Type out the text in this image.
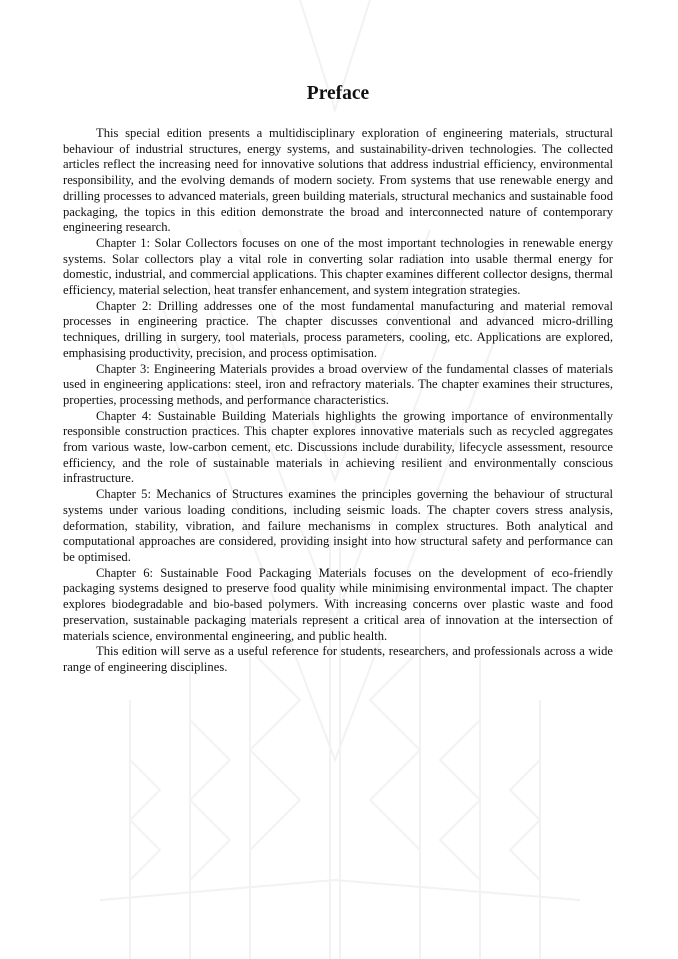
Preface

This special edition presents a multidisciplinary exploration of engineering materials, structural behaviour of industrial structures, energy systems, and sustainability-driven technologies. The collected articles reflect the increasing need for innovative solutions that address industrial efficiency, environmental responsibility, and the evolving demands of modern society. From systems that use renewable energy and drilling processes to advanced materials, green building materials, structural mechanics and sustainable food packaging, the topics in this edition demonstrate the broad and interconnected nature of contemporary engineering research.

Chapter 1: Solar Collectors focuses on one of the most important technologies in renewable energy systems. Solar collectors play a vital role in converting solar radiation into usable thermal energy for domestic, industrial, and commercial applications. This chapter examines different collector designs, thermal efficiency, material selection, heat transfer enhancement, and system integration strategies.

Chapter 2: Drilling addresses one of the most fundamental manufacturing and material removal processes in engineering practice. The chapter discusses conventional and advanced micro-drilling techniques, drilling in surgery, tool materials, process parameters, cooling, etc. Applications are explored, emphasising productivity, precision, and process optimisation.

Chapter 3: Engineering Materials provides a broad overview of the fundamental classes of materials used in engineering applications: steel, iron and refractory materials. The chapter examines their structures, properties, processing methods, and performance characteristics.

Chapter 4: Sustainable Building Materials highlights the growing importance of environmentally responsible construction practices. This chapter explores innovative materials such as recycled aggregates from various waste, low-carbon cement, etc. Discussions include durability, lifecycle assessment, resource efficiency, and the role of sustainable materials in achieving resilient and environmentally conscious infrastructure.

Chapter 5: Mechanics of Structures examines the principles governing the behaviour of structural systems under various loading conditions, including seismic loads. The chapter covers stress analysis, deformation, stability, vibration, and failure mechanisms in complex structures. Both analytical and computational approaches are considered, providing insight into how structural safety and performance can be optimised.

Chapter 6: Sustainable Food Packaging Materials focuses on the development of eco-friendly packaging systems designed to preserve food quality while minimising environmental impact. The chapter explores biodegradable and bio-based polymers. With increasing concerns over plastic waste and food preservation, sustainable packaging materials represent a critical area of innovation at the intersection of materials science, environmental engineering, and public health.

This edition will serve as a useful reference for students, researchers, and professionals across a wide range of engineering disciplines.
